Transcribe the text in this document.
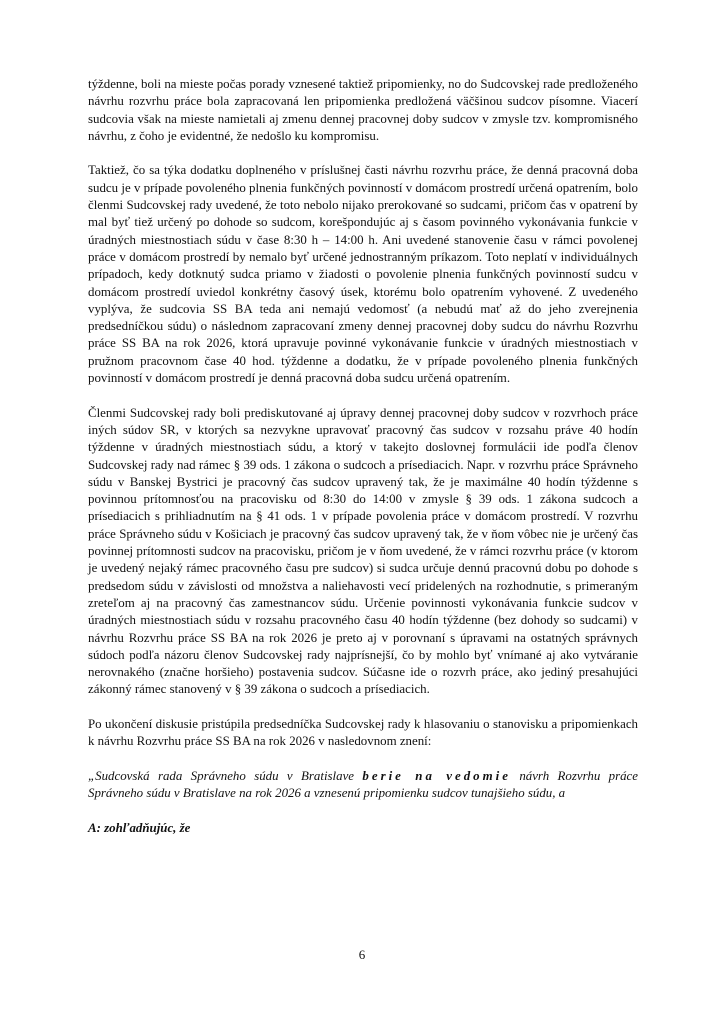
týždenne, boli na mieste počas porady vznesené taktiež pripomienky, no do Sudcovskej rade predloženého návrhu rozvrhu práce bola zapracovaná len pripomienka predložená väčšinou sudcov písomne. Viacerí sudcovia však na mieste namietali aj zmenu dennej pracovnej doby sudcov v zmysle tzv. kompromisného návrhu, z čoho je evidentné, že nedošlo ku kompromisu.

Taktiež, čo sa týka dodatku doplneného v príslušnej časti návrhu rozvrhu práce, že denná pracovná doba sudcu je v prípade povoleného plnenia funkčných povinností v domácom prostredí určená opatrením, bolo členmi Sudcovskej rady uvedené, že toto nebolo nijako prerokované so sudcami, pričom čas v opatrení by mal byť tiež určený po dohode so sudcom, korešpondujúc aj s časom povinného vykonávania funkcie v úradných miestnostiach súdu v čase 8:30 h – 14:00 h. Ani uvedené stanovenie času v rámci povolenej práce v domácom prostredí by nemalo byť určené jednostranným príkazom. Toto neplatí v individuálnych prípadoch, kedy dotknutý sudca priamo v žiadosti o povolenie plnenia funkčných povinností sudcu v domácom prostredí uviedol konkrétny časový úsek, ktorému bolo opatrením vyhovené. Z uvedeného vyplýva, že sudcovia SS BA teda ani nemajú vedomosť (a nebudú mať až do jeho zverejnenia predsedníčkou súdu) o následnom zapracovaní zmeny dennej pracovnej doby sudcu do návrhu Rozvrhu práce SS BA na rok 2026, ktorá upravuje povinné vykonávanie funkcie v úradných miestnostiach v pružnom pracovnom čase 40 hod. týždenne a dodatku, že v prípade povoleného plnenia funkčných povinností v domácom prostredí je denná pracovná doba sudcu určená opatrením.

Členmi Sudcovskej rady boli prediskutované aj úpravy dennej pracovnej doby sudcov v rozvrhoch práce iných súdov SR, v ktorých sa nezvykne upravovať pracovný čas sudcov v rozsahu práve 40 hodín týždenne v úradných miestnostiach súdu, a ktorý v takejto doslovnej formulácii ide podľa členov Sudcovskej rady nad rámec § 39 ods. 1 zákona o sudcoch a prísediacich. Napr. v rozvrhu práce Správneho súdu v Banskej Bystrici je pracovný čas sudcov upravený tak, že je maximálne 40 hodín týždenne s povinnou prítomnosťou na pracovisku od 8:30 do 14:00 v zmysle § 39 ods. 1 zákona sudcoch a prísediacich s prihliadnutím na § 41 ods. 1 v prípade povolenia práce v domácom prostredí. V rozvrhu práce Správneho súdu v Košiciach je pracovný čas sudcov upravený tak, že v ňom vôbec nie je určený čas povinnej prítomnosti sudcov na pracovisku, pričom je v ňom uvedené, že v rámci rozvrhu práce (v ktorom je uvedený nejaký rámec pracovného času pre sudcov) si sudca určuje dennú pracovnú dobu po dohode s predsedom súdu v závislosti od množstva a naliehavosti vecí pridelených na rozhodnutie, s primeraným zreteľom aj na pracovný čas zamestnancov súdu. Určenie povinnosti vykonávania funkcie sudcov v úradných miestnostiach súdu v rozsahu pracovného času 40 hodín týždenne (bez dohody so sudcami) v návrhu Rozvrhu práce SS BA na rok 2026 je preto aj v porovnaní s úpravami na ostatných správnych súdoch podľa názoru členov Sudcovskej rady najprísnejší, čo by mohlo byť vnímané aj ako vytváranie nerovnakého (značne horšieho) postavenia sudcov. Súčasne ide o rozvrh práce, ako jediný presahujúci zákonný rámec stanovený v § 39 zákona o sudcoch a prísediacich.

Po ukončení diskusie pristúpila predsedníčka Sudcovskej rady k hlasovaniu o stanovisku a pripomienkach k návrhu Rozvrhu práce SS BA na rok 2026 v nasledovnom znení:

„Sudcovská rada Správneho súdu v Bratislave berie na vedomie návrh Rozvrhu práce Správneho súdu v Bratislave na rok 2026 a vznesenú pripomienku sudcov tunajšieho súdu, a

A: zohľadňujúc, že

6
